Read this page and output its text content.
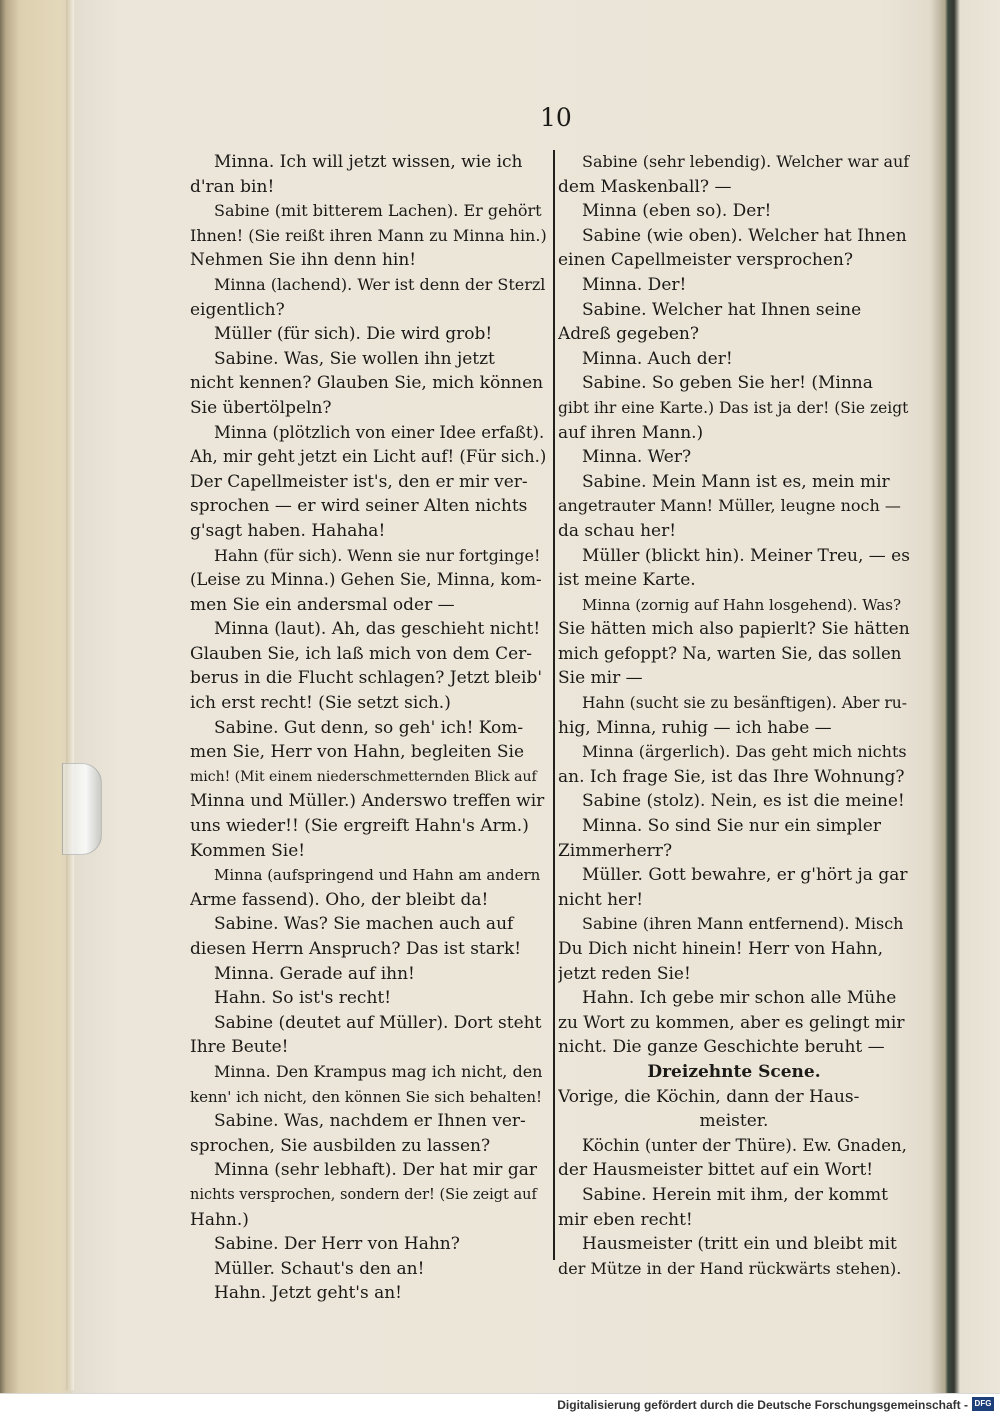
10
Minna. Ich will jetzt wissen, wie ich
d'ran bin!
Sabine (mit bitterem Lachen). Er gehört
Ihnen! (Sie reißt ihren Mann zu Minna hin.)
Nehmen Sie ihn denn hin!
Minna (lachend). Wer ist denn der Sterzl
eigentlich?
Müller (für sich). Die wird grob!
Sabine. Was, Sie wollen ihn jetzt
nicht kennen? Glauben Sie, mich können
Sie übertölpeln?
Minna (plötzlich von einer Idee erfaßt).
Ah, mir geht jetzt ein Licht auf! (Für sich.)
Der Capellmeister ist's, den er mir ver-
sprochen — er wird seiner Alten nichts
g'sagt haben. Hahaha!
Hahn (für sich). Wenn sie nur fortginge!
(Leise zu Minna.) Gehen Sie, Minna, kom-
men Sie ein andersmal oder —
Minna (laut). Ah, das geschieht nicht!
Glauben Sie, ich laß mich von dem Cer-
berus in die Flucht schlagen? Jetzt bleib'
ich erst recht! (Sie setzt sich.)
Sabine. Gut denn, so geh' ich! Kom-
men Sie, Herr von Hahn, begleiten Sie
mich! (Mit einem niederschmetternden Blick auf
Minna und Müller.) Anderswo treffen wir
uns wieder!! (Sie ergreift Hahn's Arm.)
Kommen Sie!
Minna (aufspringend und Hahn am andern
Arme fassend). Oho, der bleibt da!
Sabine. Was? Sie machen auch auf
diesen Herrn Anspruch? Das ist stark!
Minna. Gerade auf ihn!
Hahn. So ist's recht!
Sabine (deutet auf Müller). Dort steht
Ihre Beute!
Minna. Den Krampus mag ich nicht, den
kenn' ich nicht, den können Sie sich behalten!
Sabine. Was, nachdem er Ihnen ver-
sprochen, Sie ausbilden zu lassen?
Minna (sehr lebhaft). Der hat mir gar
nichts versprochen, sondern der! (Sie zeigt auf
Hahn.)
Sabine. Der Herr von Hahn?
Müller. Schaut's den an!
Hahn. Jetzt geht's an!
Sabine (sehr lebendig). Welcher war auf
dem Maskenball? —
Minna (eben so). Der!
Sabine (wie oben). Welcher hat Ihnen
einen Capellmeister versprochen?
Minna. Der!
Sabine. Welcher hat Ihnen seine
Adreß gegeben?
Minna. Auch der!
Sabine. So geben Sie her! (Minna
gibt ihr eine Karte.) Das ist ja der! (Sie zeigt
auf ihren Mann.)
Minna. Wer?
Sabine. Mein Mann ist es, mein mir
angetrauter Mann! Müller, leugne noch —
da schau her!
Müller (blickt hin). Meiner Treu, — es
ist meine Karte.
Minna (zornig auf Hahn losgehend). Was?
Sie hätten mich also papierlt? Sie hätten
mich gefoppt? Na, warten Sie, das sollen
Sie mir —
Hahn (sucht sie zu besänftigen). Aber ru-
hig, Minna, ruhig — ich habe —
Minna (ärgerlich). Das geht mich nichts
an. Ich frage Sie, ist das Ihre Wohnung?
Sabine (stolz). Nein, es ist die meine!
Minna. So sind Sie nur ein simpler
Zimmerherr?
Müller. Gott bewahre, er g'hört ja gar
nicht her!
Sabine (ihren Mann entfernend). Misch
Du Dich nicht hinein! Herr von Hahn,
jetzt reden Sie!
Hahn. Ich gebe mir schon alle Mühe
zu Wort zu kommen, aber es gelingt mir
nicht. Die ganze Geschichte beruht —
Dreizehnte Scene.
Vorige, die Köchin, dann der Haus-
meister.
Köchin (unter der Thüre). Ew. Gnaden,
der Hausmeister bittet auf ein Wort!
Sabine. Herein mit ihm, der kommt
mir eben recht!
Hausmeister (tritt ein und bleibt mit
der Mütze in der Hand rückwärts stehen).
Digitalisierung gefördert durch die Deutsche Forschungsgemeinschaft - DFG
